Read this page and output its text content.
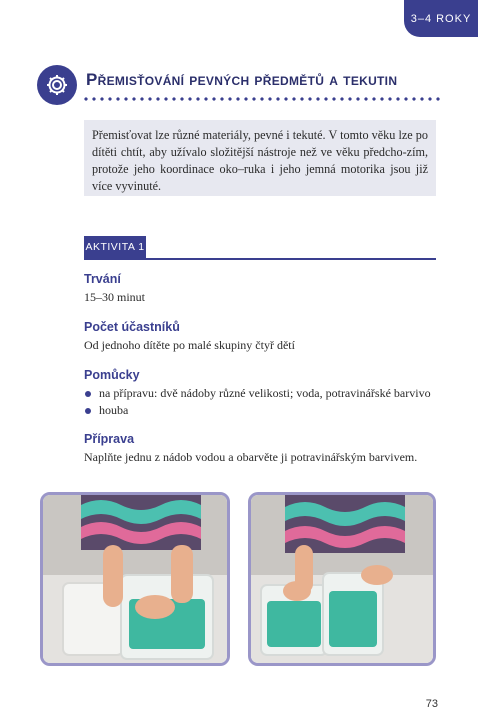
3–4 ROKY
Přemisťování pevných předmětů a tekutin
Přemisťovat lze různé materiály, pevné i tekuté. V tomto věku lze po dítěti chtít, aby užívalo složitější nástroje než ve věku předcho-zím, protože jeho koordinace oko–ruka i jeho jemná motorika jsou již více vyvinuté.
AKTIVITA 1
Trvání
15–30 minut
Počet účastníků
Od jednoho dítěte po malé skupiny čtyř dětí
Pomůcky
na přípravu: dvě nádoby různé velikosti; voda, potravinářské barvivo
houba
Příprava
Naplňte jednu z nádob vodou a obarvěte ji potravinářským barvivem.
73
